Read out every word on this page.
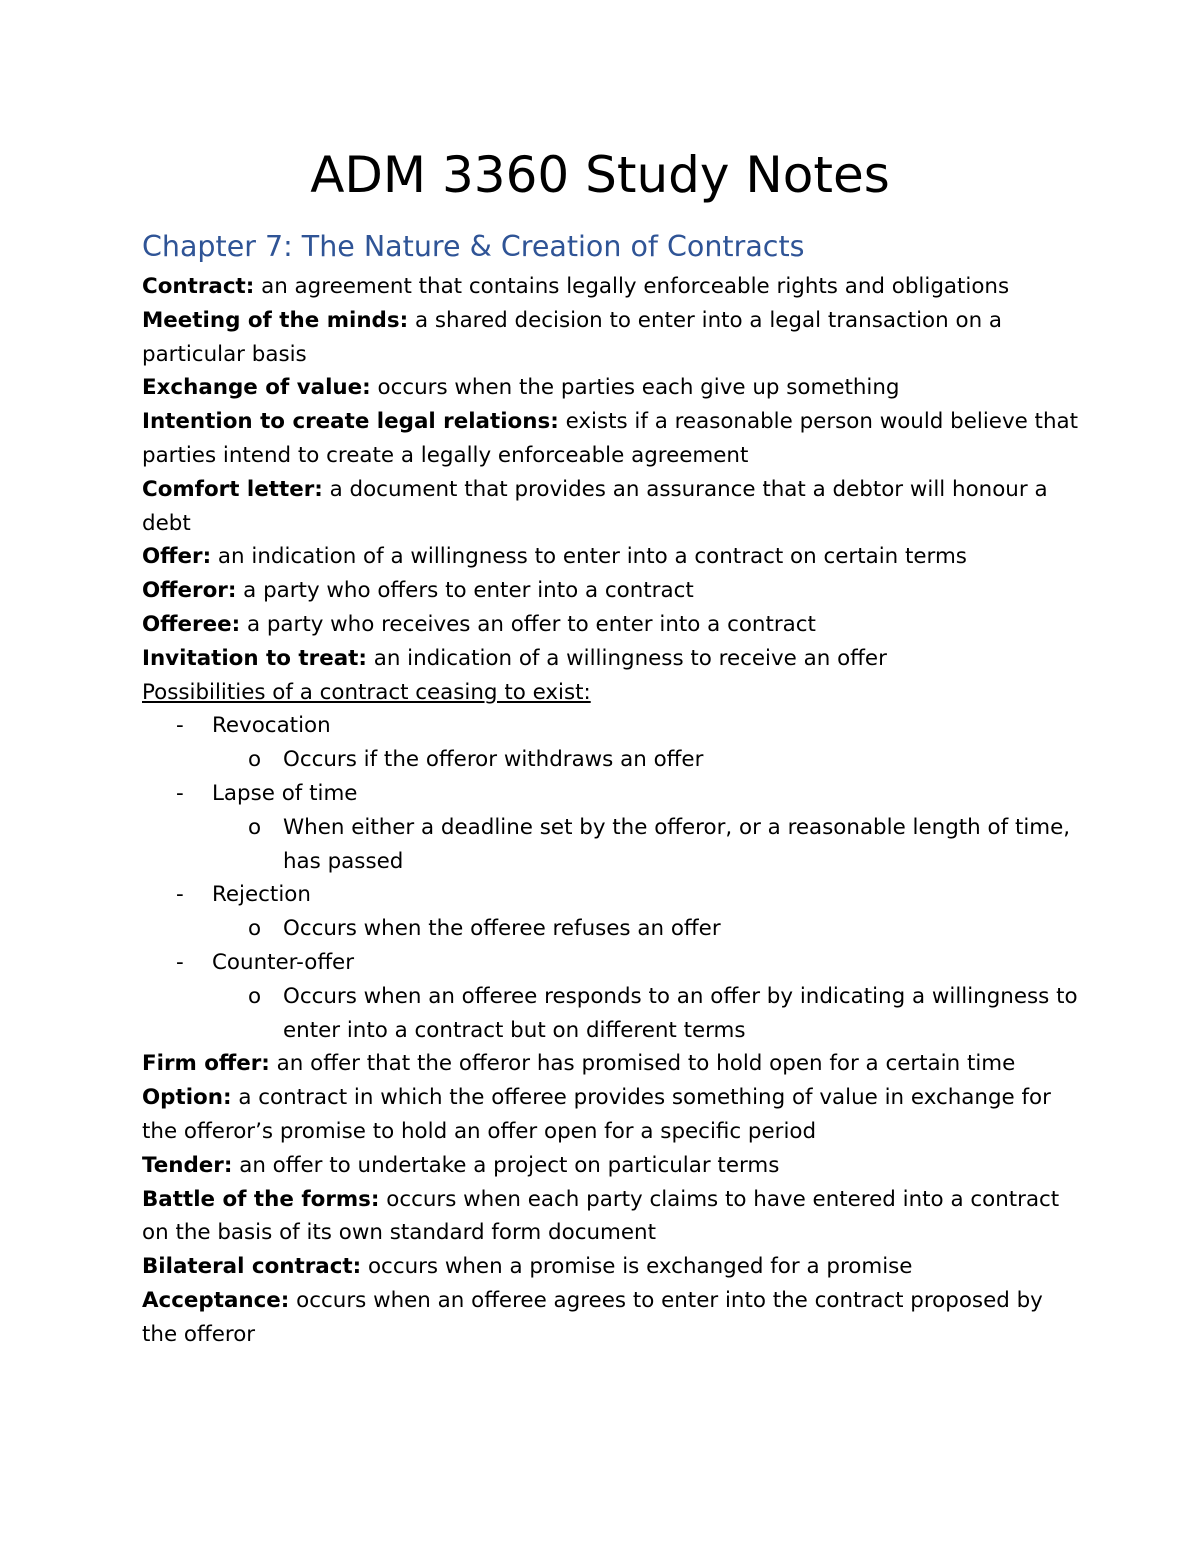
ADM 3360 Study Notes
Chapter 7: The Nature & Creation of Contracts

Contract: an agreement that contains legally enforceable rights and obligations

Meeting of the minds: a shared decision to enter into a legal transaction on a particular basis

Exchange of value: occurs when the parties each give up something

Intention to create legal relations: exists if a reasonable person would believe that parties intend to create a legally enforceable agreement

Comfort letter: a document that provides an assurance that a debtor will honour a debt

Offer: an indication of a willingness to enter into a contract on certain terms

Offeror: a party who offers to enter into a contract

Offeree: a party who receives an offer to enter into a contract

Invitation to treat: an indication of a willingness to receive an offer

Possibilities of a contract ceasing to exist:

- Revocation

o Occurs if the offeror withdraws an offer

- Lapse of time

o When either a deadline set by the offeror, or a reasonable length of time, has passed

- Rejection

o Occurs when the offeree refuses an offer

- Counter-offer

o Occurs when an offeree responds to an offer by indicating a willingness to enter into a contract but on different terms

Firm offer: an offer that the offeror has promised to hold open for a certain time

Option: a contract in which the offeree provides something of value in exchange for the offeror’s promise to hold an offer open for a specific period

Tender: an offer to undertake a project on particular terms

Battle of the forms: occurs when each party claims to have entered into a contract on the basis of its own standard form document

Bilateral contract: occurs when a promise is exchanged for a promise

Acceptance: occurs when an offeree agrees to enter into the contract proposed by the offeror
